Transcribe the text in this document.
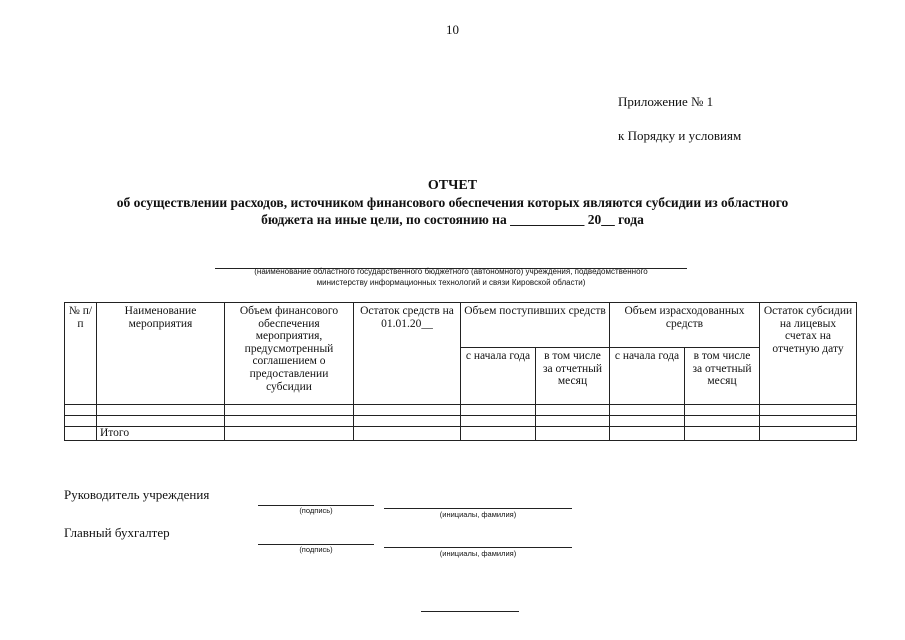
10
Приложение № 1
к Порядку и условиям
ОТЧЕТ
об осуществлении расходов, источником финансового обеспечения которых являются субсидии из областного
бюджета на иные цели, по состоянию на ___________ 20__ года
(наименование областного государственного бюджетного (автономного) учреждения, подведомственного
министерству информационных технологий и связи Кировской области)
№ п/п	Наименование мероприятия	Объем финансового обеспечения мероприятия, предусмотренный соглашением о предоставлении субсидии	Остаток средств на 01.01.20__	Объем поступивших средств		Объем израсходованных средств		Остаток субсидии на лицевых счетах на отчетную дату
				с начала года	в том числе за отчетный месяц	с начала года	в том числе за отчетный месяц	

	Итого							
Руководитель учреждения
(подпись)	(инициалы, фамилия)
Главный бухгалтер
(подпись)	(инициалы, фамилия)
